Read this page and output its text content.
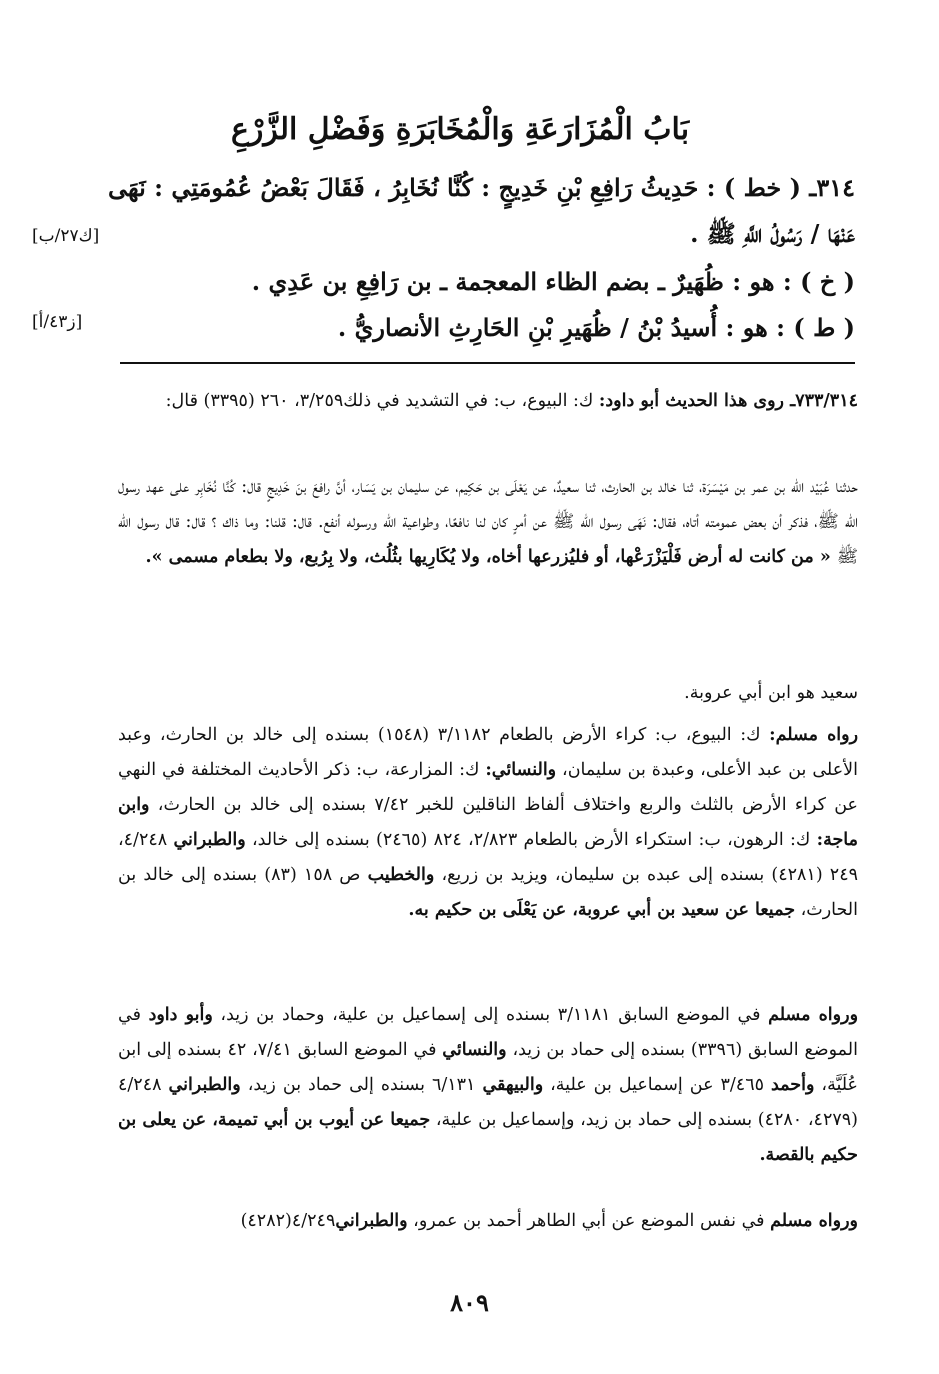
بَابُ الْمُزَارَعَةِ وَالْمُخَابَرَةِ وَفَضْلِ الزَّرْعِ
٣١٤ـ ( خط ) : حَدِيثُ رَافِعِ بْنِ خَدِيجٍ : كُنَّا نُخَابِرُ ، فَقَالَ بَعْضُ عُمُومَتِي : نَهَى
عَنْهَا / رَسُولُ اللَّهِ ﷺ .
( خ ) : هو : ظُهَيرٌ ـ بضم الظاء المعجمة ـ بن رَافِعِ بن عَدِي .
( ط ) : هو : أُسيدُ بْنُ / ظُهَيرِ بْنِ الحَارِثِ الأنصاريُّ .
[ك٢٧/ب]
[ز٤٣/أ]
٧٣٣/٣١٤ـ روى هذا الحديث أبو داود: ك: البيوع، ب: في التشديد في ذلك٣/٢٥٩، ٢٦٠ (٣٣٩٥) قال:
حدثنا عُبَيْد الله بن عمر بن مَيْسَرَة، ثنا خالد بن الحارث، ثنا سعيدٌ، عن يَعْلَى بن حَكِيم، عن سليمان بن يَسَار، أنَّ رافعَ بنَ خَدِيجٍ قال: كُنَّا نُخَابِر على عهد رسول الله ﷺ، فذكر أن بعض عمومته أتاه، فقال: نَهَى رسول الله ﷺ عن أمرٍ كان لنا نافعًا، وطواعية الله ورسوله أنفع. قال: قلنا: وما ذاك ؟ قال: قال رسول الله ﷺ « من كانت له أرض فَلْيَزْرَعْها، أو فليُزرعها أخاه، ولا يُكَارِيها بثُلُث، ولا بِرُبع، ولا بطعام مسمى ».
سعيد هو ابن أبي عروبة.
رواه مسلم: ك: البيوع، ب: كراء الأرض بالطعام ٣/١١٨٢ (١٥٤٨) بسنده إلى خالد بن الحارث، وعبد الأعلى بن عبد الأعلى، وعبدة بن سليمان، والنسائي: ك: المزارعة، ب: ذكر الأحاديث المختلفة في النهي عن كراء الأرض بالثلث والربع واختلاف ألفاظ الناقلين للخبر ٧/٤٢ بسنده إلى خالد بن الحارث، وابن ماجة: ك: الرهون، ب: استكراء الأرض بالطعام ٢/٨٢٣، ٨٢٤ (٢٤٦٥) بسنده إلى خالد، والطبراني ٤/٢٤٨، ٢٤٩ (٤٢٨١) بسنده إلى عبده بن سليمان، ويزيد بن زريع، والخطيب ص ١٥٨ (٨٣) بسنده إلى خالد بن الحارث، جميعا عن سعيد بن أبي عروبة، عن يَعْلَى بن حكيم به.
ورواه مسلم في الموضع السابق ٣/١١٨١ بسنده إلى إسماعيل بن علية، وحماد بن زيد، وأبو داود في الموضع السابق (٣٣٩٦) بسنده إلى حماد بن زيد، والنسائي في الموضع السابق ٧/٤١، ٤٢ بسنده إلى ابن عُلَيَّة، وأحمد ٣/٤٦٥ عن إسماعيل بن علية، والبيهقي ٦/١٣١ بسنده إلى حماد بن زيد، والطبراني ٤/٢٤٨ (٤٢٧٩، ٤٢٨٠) بسنده إلى حماد بن زيد، وإسماعيل بن علية، جميعا عن أيوب بن أبي تميمة، عن يعلى بن حكيم بالقصة.
ورواه مسلم في نفس الموضع عن أبي الطاهر أحمد بن عمرو، والطبراني٤/٢٤٩(٤٢٨٢)
٨٠٩
